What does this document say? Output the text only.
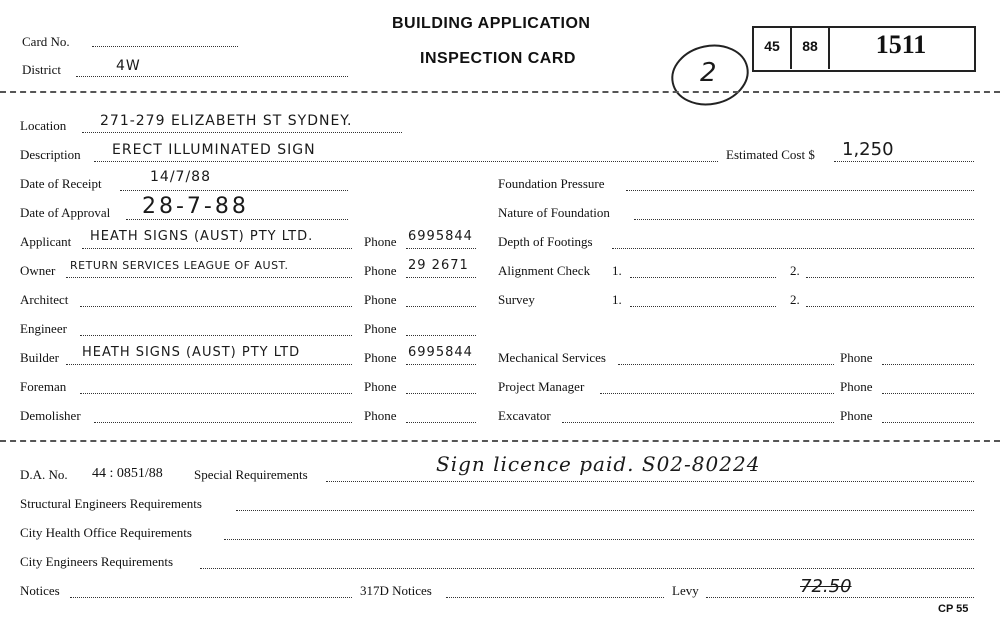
Card No.
District	4W
BUILDING APPLICATION
INSPECTION CARD	2
45	88	1511
Location 271-279 ELIZABETH ST SYDNEY.
Description ERECT ILLUMINATED SIGN	Estimated Cost $ 1,250
Date of Receipt	14/7/88
Date of Approval 28-7-88
Applicant HEATH SIGNS (AUST) PTY LTD.	Phone 6995844
Owner RETURN SERVICES LEAGUE OF AUST.	Phone 29 2671
Architect	Phone
Engineer	Phone
Builder HEATH SIGNS (AUST) PTY LTD	Phone 6995844
Foreman	Phone
Demolisher	Phone
Foundation Pressure
Nature of Foundation
Depth of Footings
Alignment Check 1.	2.
Survey	1.	2.
Mechanical Services	Phone
Project Manager	Phone
Excavator	Phone
D.A. No. 44 : 0851/88 Special Requirements	Sign licence paid. S02-80224
Structural Engineers Requirements
City Health Office Requirements
City Engineers Requirements
Notices	317D Notices	Levy	72.50
CP 55
